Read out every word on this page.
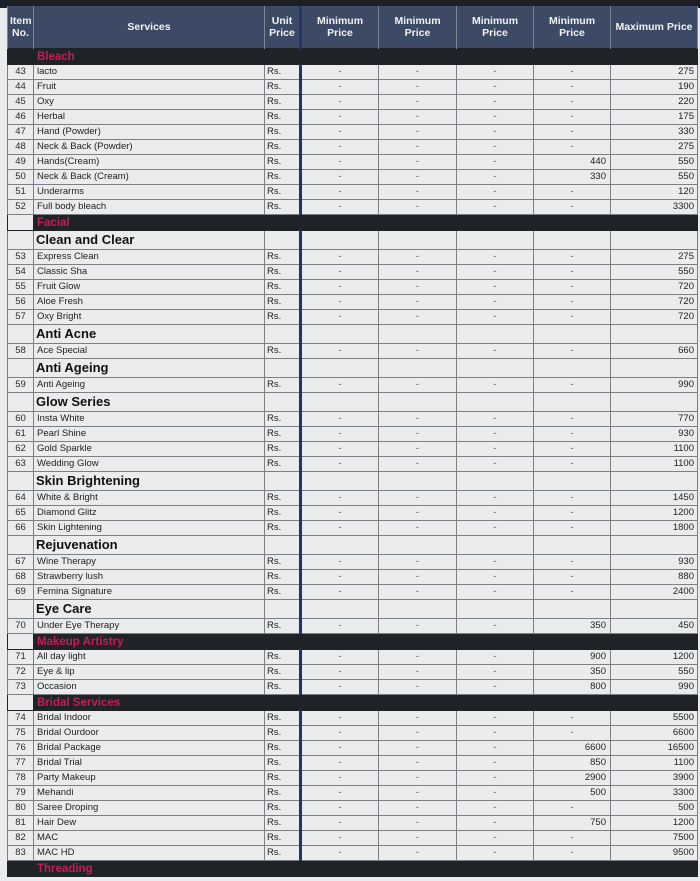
Item No.	Services	Unit Price	Minimum Price	Minimum Price	Minimum Price	Minimum Price	Maximum Price
	Bleach						
43	lacto	Rs.	-	-	-	-	275
44	Fruit	Rs.	-	-	-	-	190
45	Oxy	Rs.	-	-	-	-	220
46	Herbal	Rs.	-	-	-	-	175
47	Hand (Powder)	Rs.	-	-	-	-	330
48	Neck & Back (Powder)	Rs.	-	-	-	-	275
49	Hands(Cream)	Rs.	-	-	-	440	550
50	Neck & Back (Cream)	Rs.	-	-	-	330	550
51	Underarms	Rs.	-	-	-	-	120
52	Full body bleach	Rs.	-	-	-	-	3300
	Facial						
	Clean and Clear						
53	Express Clean	Rs.	-	-	-	-	275
54	Classic Sha	Rs.	-	-	-	-	550
55	Fruit Glow	Rs.	-	-	-	-	720
56	Aloe Fresh	Rs.	-	-	-	-	720
57	Oxy Bright	Rs.	-	-	-	-	720
	Anti Acne						
58	Ace Special	Rs.	-	-	-	-	660
	Anti Ageing						
59	Anti Ageing	Rs.	-	-	-	-	990
	Glow Series						
60	Insta White	Rs.	-	-	-	-	770
61	Pearl Shine	Rs.	-	-	-	-	930
62	Gold Sparkle	Rs.	-	-	-	-	1100
63	Wedding Glow	Rs.	-	-	-	-	1100
	Skin Brightening						
64	White & Bright	Rs.	-	-	-	-	1450
65	Diamond Glitz	Rs.	-	-	-	-	1200
66	Skin Lightening	Rs.	-	-	-	-	1800
	Rejuvenation						
67	Wine Therapy	Rs.	-	-	-	-	930
68	Strawberry lush	Rs.	-	-	-	-	880
69	Femina Signature	Rs.	-	-	-	-	2400
	Eye Care						
70	Under Eye Therapy	Rs.	-	-	-	350	450
	Makeup Artistry						
71	All day light	Rs.	-	-	-	900	1200
72	Eye & lip	Rs.	-	-	-	350	550
73	Occasion	Rs.	-	-	-	800	990
	Bridal Services						
74	Bridal Indoor	Rs.	-	-	-	-	5500
75	Bridal Ourdoor	Rs.	-	-	-	-	6600
76	Bridal Package	Rs.	-	-	-	6600	16500
77	Bridal Trial	Rs.	-	-	-	850	1100
78	Party Makeup	Rs.	-	-	-	2900	3900
79	Mehandi	Rs.	-	-	-	500	3300
80	Saree Droping	Rs.	-	-	-	-	500
81	Hair Dew	Rs.	-	-	-	750	1200
82	MAC	Rs.	-	-	-	-	7500
83	MAC HD	Rs.	-	-	-	-	9500
	Threading						
